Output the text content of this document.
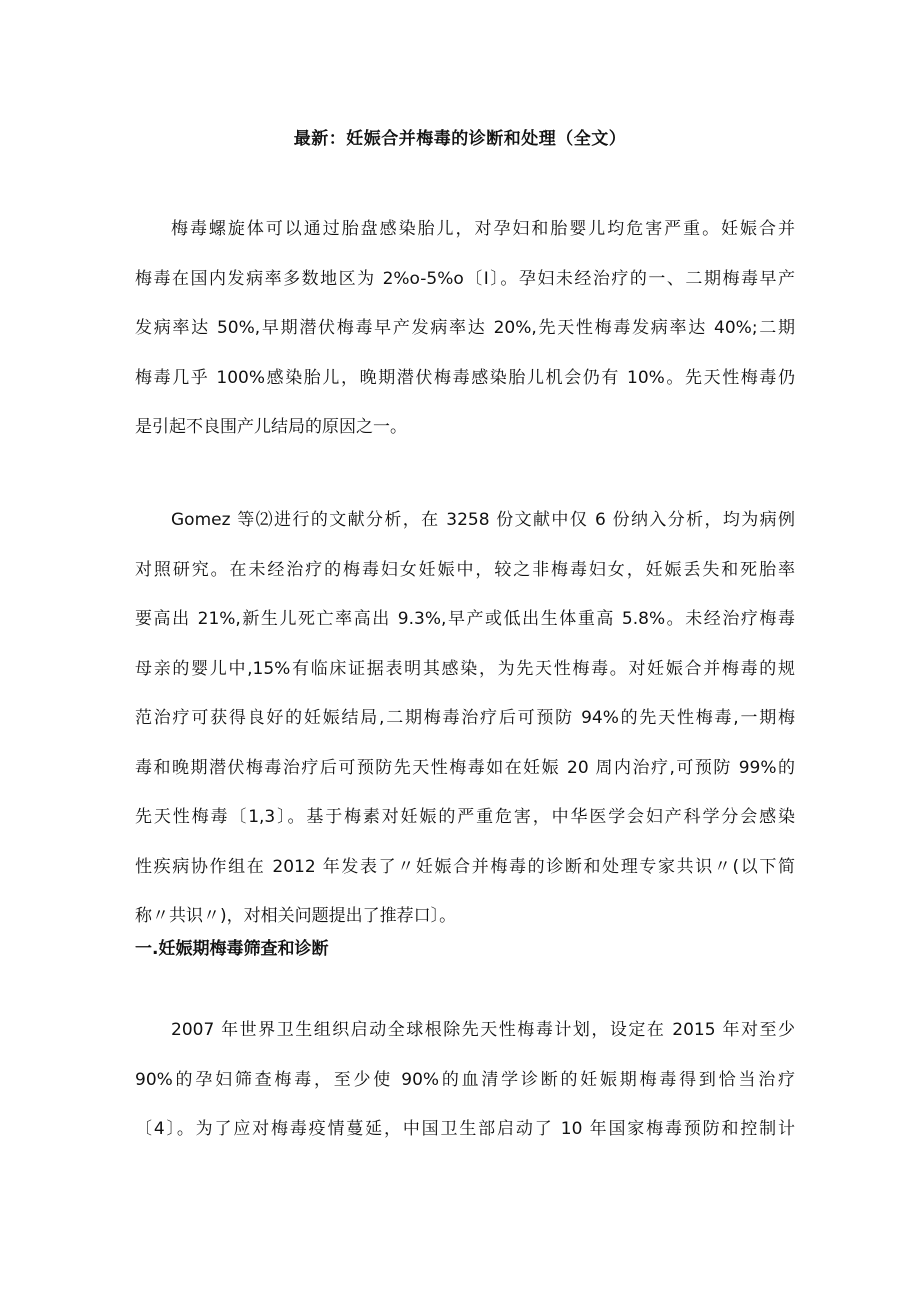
最新：妊娠合并梅毒的诊断和处理（全文）
梅毒螺旋体可以通过胎盘感染胎儿，对孕妇和胎婴儿均危害严重。妊娠合并
梅毒在国内发病率多数地区为 2%o-5%o〔I〕。孕妇未经治疗的一、二期梅毒早产
发病率达 50%,早期潜伏梅毒早产发病率达 20%,先天性梅毒发病率达 40%;二期
梅毒几乎 100%感染胎儿，晚期潜伏梅毒感染胎儿机会仍有 10%。先天性梅毒仍
是引起不良围产儿结局的原因之一。
Gomez 等⑵进行的文献分析，在 3258 份文献中仅 6 份纳入分析，均为病例
对照研究。在未经治疗的梅毒妇女妊娠中，较之非梅毒妇女，妊娠丢失和死胎率
要高出 21%,新生儿死亡率高出 9.3%,早产或低出生体重高 5.8%。未经治疗梅毒
母亲的婴儿中,15%有临床证据表明其感染，为先天性梅毒。对妊娠合并梅毒的规
范治疗可获得良好的妊娠结局,二期梅毒治疗后可预防 94%的先天性梅毒,一期梅
毒和晚期潜伏梅毒治疗后可预防先天性梅毒如在妊娠 20 周内治疗,可预防 99%的
先天性梅毒〔1,3〕。基于梅素对妊娠的严重危害，中华医学会妇产科学分会感染
性疾病协作组在 2012 年发表了〃妊娠合并梅毒的诊断和处理专家共识〃(以下简
称〃共识〃)，对相关问题提出了推荐口〕。
一.妊娠期梅毒筛查和诊断
2007 年世界卫生组织启动全球根除先天性梅毒计划，设定在 2015 年对至少
90%的孕妇筛查梅毒，至少使 90%的血清学诊断的妊娠期梅毒得到恰当治疗
〔4〕。为了应对梅毒疫情蔓延，中国卫生部启动了 10 年国家梅毒预防和控制计
